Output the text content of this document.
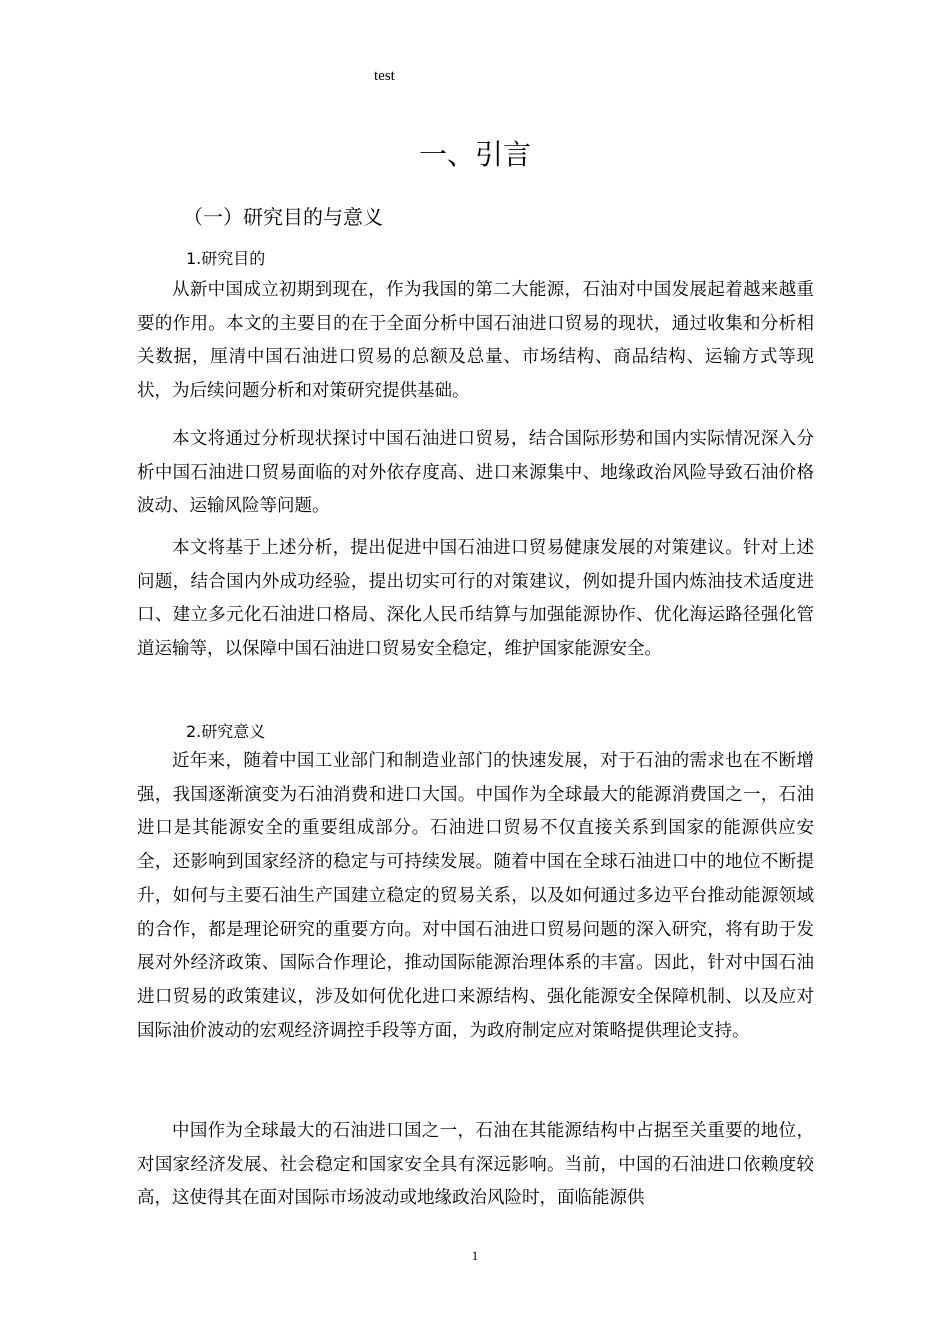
test
一、引言
（一）研究目的与意义
1.研究目的

从新中国成立初期到现在，作为我国的第二大能源，石油对中国发展起着越来越重要的作用。本文的主要目的在于全面分析中国石油进口贸易的现状，通过收集和分析相关数据，厘清中国石油进口贸易的总额及总量、市场结构、商品结构、运输方式等现状，为后续问题分析和对策研究提供基础。

本文将通过分析现状探讨中国石油进口贸易，结合国际形势和国内实际情况深入分析中国石油进口贸易面临的对外依存度高、进口来源集中、地缘政治风险导致石油价格波动、运输风险等问题。

本文将基于上述分析，提出促进中国石油进口贸易健康发展的对策建议。针对上述问题，结合国内外成功经验，提出切实可行的对策建议，例如提升国内炼油技术适度进口、建立多元化石油进口格局、深化人民币结算与加强能源协作、优化海运路径强化管道运输等，以保障中国石油进口贸易安全稳定，维护国家能源安全。

2.研究意义

近年来，随着中国工业部门和制造业部门的快速发展，对于石油的需求也在不断增强，我国逐渐演变为石油消费和进口大国。中国作为全球最大的能源消费国之一，石油进口是其能源安全的重要组成部分。石油进口贸易不仅直接关系到国家的能源供应安全，还影响到国家经济的稳定与可持续发展。随着中国在全球石油进口中的地位不断提升，如何与主要石油生产国建立稳定的贸易关系，以及如何通过多边平台推动能源领域的合作，都是理论研究的重要方向。对中国石油进口贸易问题的深入研究，将有助于发展对外经济政策、国际合作理论，推动国际能源治理体系的丰富。因此，针对中国石油进口贸易的政策建议，涉及如何优化进口来源结构、强化能源安全保障机制、以及应对国际油价波动的宏观经济调控手段等方面，为政府制定应对策略提供理论支持。

中国作为全球最大的石油进口国之一，石油在其能源结构中占据至关重要的地位，对国家经济发展、社会稳定和国家安全具有深远影响。当前，中国的石油进口依赖度较高，这使得其在面对国际市场波动或地缘政治风险时，面临能源供

1
